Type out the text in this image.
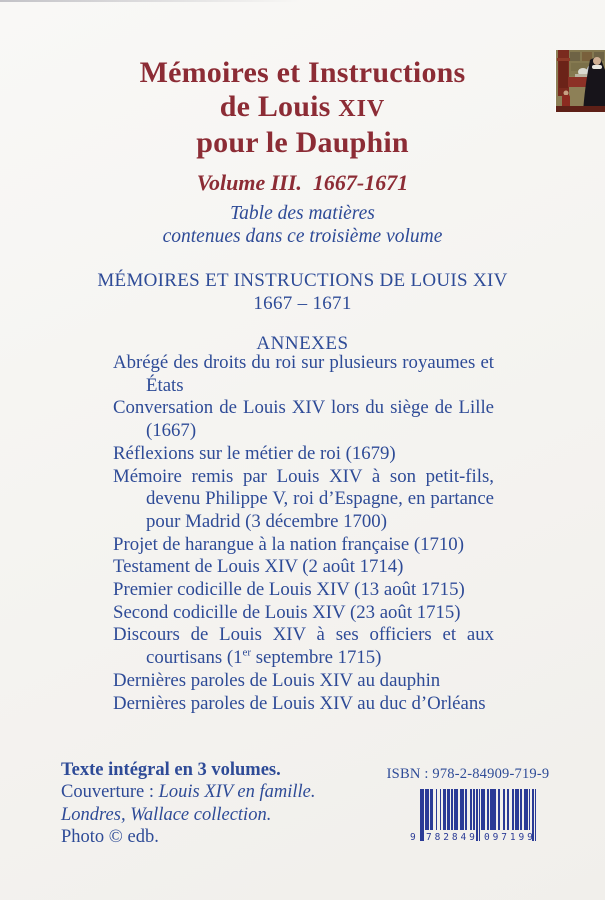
Mémoires et Instructions
de Louis XIV
pour le Dauphin
Volume III.  1667-1671
Table des matières
contenues dans ce troisième volume
MÉMOIRES ET INSTRUCTIONS DE LOUIS XIV
1667 – 1671
ANNEXES
Abrégé des droits du roi sur plusieurs royaumes et États
Conversation de Louis XIV lors du siège de Lille (1667)
Réflexions sur le métier de roi (1679)
Mémoire remis par Louis XIV à son petit-fils, devenu Philippe V, roi d’Espagne, en partance pour Madrid (3 décembre 1700)
Projet de harangue à la nation française (1710)
Testament de Louis XIV (2 août 1714)
Premier codicille de Louis XIV (13 août 1715)
Second codicille de Louis XIV (23 août 1715)
Discours de Louis XIV à ses officiers et aux courtisans (1er septembre 1715)
Dernières paroles de Louis XIV au dauphin
Dernières paroles de Louis XIV au duc d’Orléans
Texte intégral en 3 volumes.
Couverture : Louis XIV en famille.
Londres, Wallace collection.
Photo © edb.
ISBN : 978-2-84909-719-9
9 782849 097199
